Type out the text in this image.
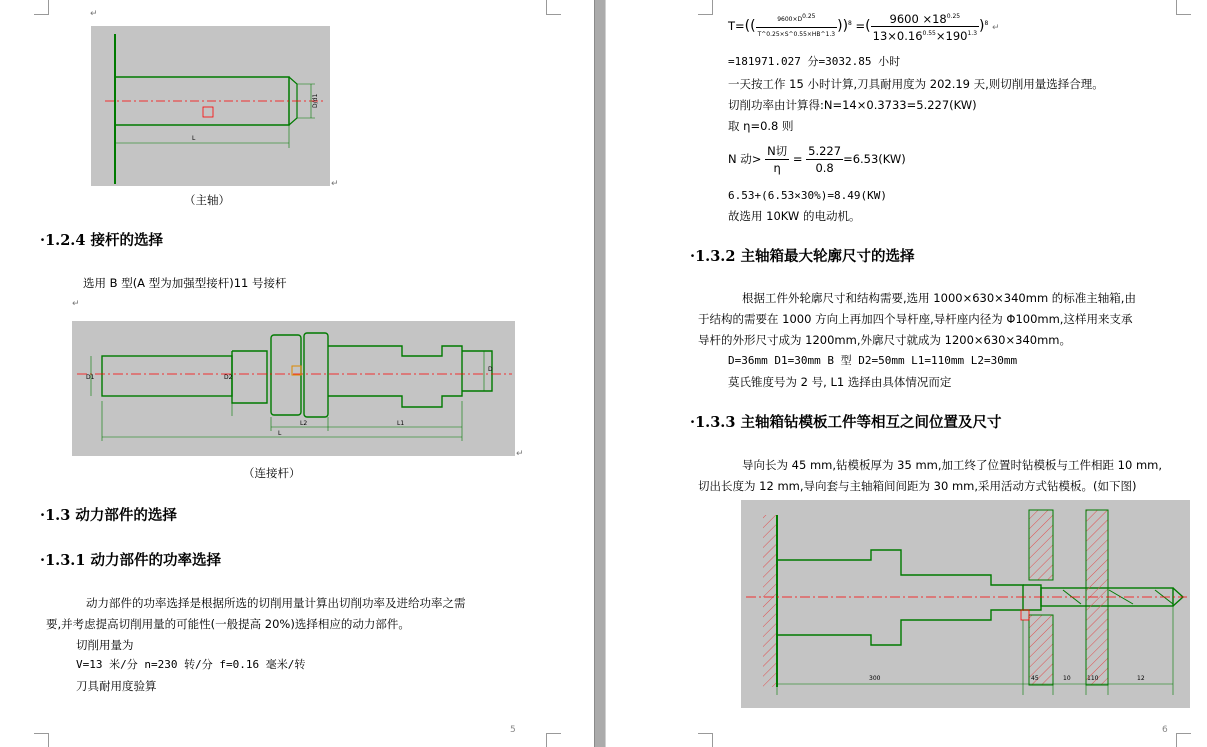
↵
L
D/d1
↵
（主轴）
·1.2.4 接杆的选择
选用 B 型(A 型为加强型接杆)11 号接杆
↵
L
L2	L1
D1	D2
D
↵
（连接杆）
·1.3 动力部件的选择
·1.3.1 动力部件的功率选择
动力部件的功率选择是根据所选的切削用量计算出切削功率及进给功率之需
要,并考虑提高切削用量的可能性(一般提高 20%)选择相应的动力部件。
切削用量为
V=13 米/分 n=230 转/分 f=0.16 毫米/转
刀具耐用度验算
5
$T=(( \frac{9600\times D^{0.25}}{T\^{}0.25\times S\^{}0.55\times HB\^{}1.3} ))^8$ =( $\frac{9600 \times 18^{0.25}}{13\times 0.16^{0.55}\times 190^{1.3}} )^8$ ↵
=181971.027 分=3032.85 小时
一天按工作 15 小时计算,刀具耐用度为 202.19 天,则切削用量选择合理。
切削功率由计算得:N=14×0.3733=5.227(KW)
取 η=0.8 则
N 动> $\frac{\text{N切}}{\eta} = \frac{5.227}{0.8} =6.53(KW)$
6.53+(6.53×30%)=8.49(KW)
故选用 10KW 的电动机。
·1.3.2 主轴箱最大轮廓尺寸的选择
根据工件外轮廓尺寸和结构需要,选用 1000×630×340mm 的标准主轴箱,由
于结构的需要在 1000 方向上再加四个导杆座,导杆座内径为 Φ100mm,这样用来支承
导杆的外形尺寸成为 1200mm,外廓尺寸就成为 1200×630×340mm。
D=36mm D1=30mm B 型 D2=50mm L1=110mm L2=30mm
莫氏锥度号为 2 号, L1 选择由具体情况而定
·1.3.3 主轴箱钻模板工件等相互之间位置及尺寸
导向长为 45 mm,钻模板厚为 35 mm,加工终了位置时钻模板与工件相距 10 mm,
切出长度为 12 mm,导向套与主轴箱间间距为 30 mm,采用活动方式钻模板。(如下图)
300	45	10	110	12
6
